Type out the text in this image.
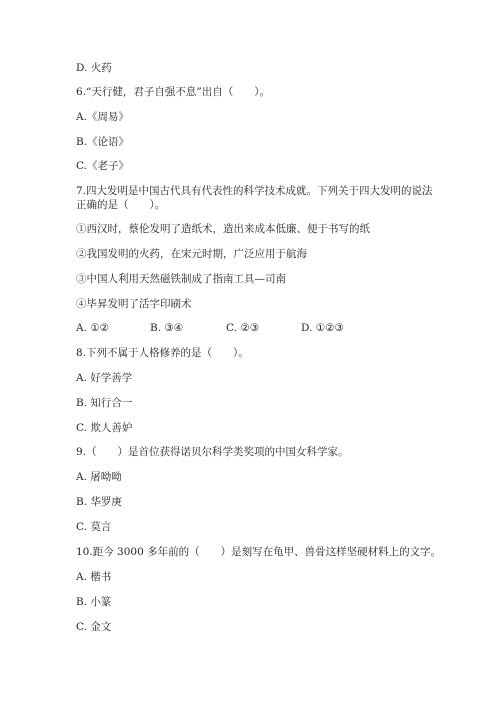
D. 火药
6.“天行健，君子自强不息”出自（　　）。
A.《周易》
B.《论语》
C.《老子》
7.四大发明是中国古代具有代表性的科学技术成就。下列关于四大发明的说法
正确的是（　　）。
①西汉时，蔡伦发明了造纸术，造出来成本低廉、便于书写的纸
②我国发明的火药，在宋元时期，广泛应用于航海
③中国人利用天然磁铁制成了指南工具—司南
④毕昇发明了活字印刷术
A. ①②	B. ③④	C. ②③	D. ①②③
8.下列不属于人格修养的是（　　）。
A. 好学善学
B. 知行合一
C. 欺人善妒
9.（　　）是首位获得诺贝尔科学类奖项的中国女科学家。
A. 屠呦呦
B. 华罗庚
C. 莫言
10.距今 3000 多年前的（　　）是刻写在龟甲、兽骨这样坚硬材料上的文字。
A. 楷书
B. 小篆
C. 金文
